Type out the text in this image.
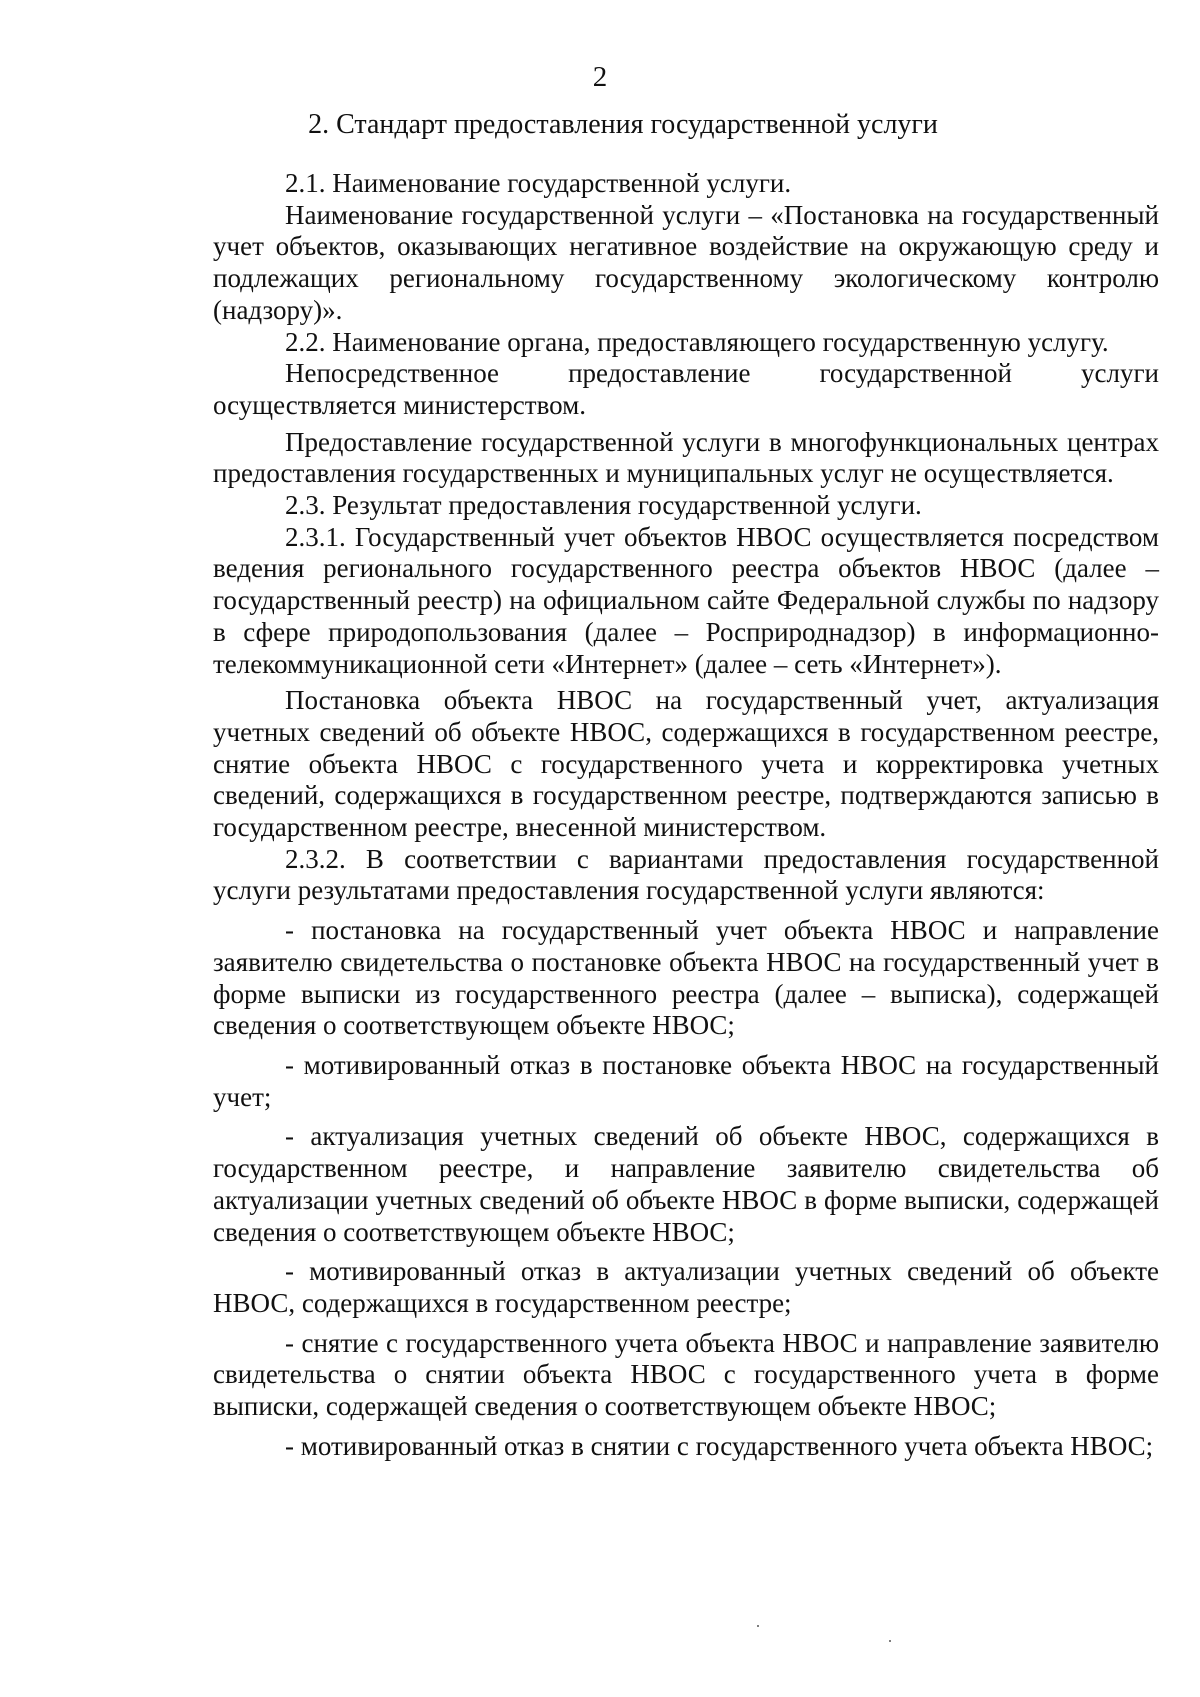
2
2. Стандарт предоставления государственной услуги

2.1. Наименование государственной услуги.

Наименование государственной услуги – «Постановка на государственный учет объектов, оказывающих негативное воздействие на окружающую среду и подлежащих региональному государственному экологическому контролю (надзору)».

2.2. Наименование органа, предоставляющего государственную услугу.

Непосредственное предоставление государственной услуги осуществляется министерством.

Предоставление государственной услуги в многофункциональных центрах предоставления государственных и муниципальных услуг не осуществляется.

2.3. Результат предоставления государственной услуги.

2.3.1. Государственный учет объектов НВОС осуществляется посредством ведения регионального государственного реестра объектов НВОС (далее – государственный реестр) на официальном сайте Федеральной службы по надзору в сфере природопользования (далее – Росприроднадзор) в информационно-телекоммуникационной сети «Интернет» (далее – сеть «Интернет»).

Постановка объекта НВОС на государственный учет, актуализация учетных сведений об объекте НВОС, содержащихся в государственном реестре, снятие объекта НВОС с государственного учета и корректировка учетных сведений, содержащихся в государственном реестре, подтверждаются записью в государственном реестре, внесенной министерством.

2.3.2. В соответствии с вариантами предоставления государственной услуги результатами предоставления государственной услуги являются:

- постановка на государственный учет объекта НВОС и направление заявителю свидетельства о постановке объекта НВОС на государственный учет в форме выписки из государственного реестра (далее – выписка), содержащей сведения о соответствующем объекте НВОС;

- мотивированный отказ в постановке объекта НВОС на государственный учет;

- актуализация учетных сведений об объекте НВОС, содержащихся в государственном реестре, и направление заявителю свидетельства об актуализации учетных сведений об объекте НВОС в форме выписки, содержащей сведения о соответствующем объекте НВОС;

- мотивированный отказ в актуализации учетных сведений об объекте НВОС, содержащихся в государственном реестре;

- снятие с государственного учета объекта НВОС и направление заявителю свидетельства о снятии объекта НВОС с государственного учета в форме выписки, содержащей сведения о соответствующем объекте НВОС;

- мотивированный отказ в снятии с государственного учета объекта НВОС;
